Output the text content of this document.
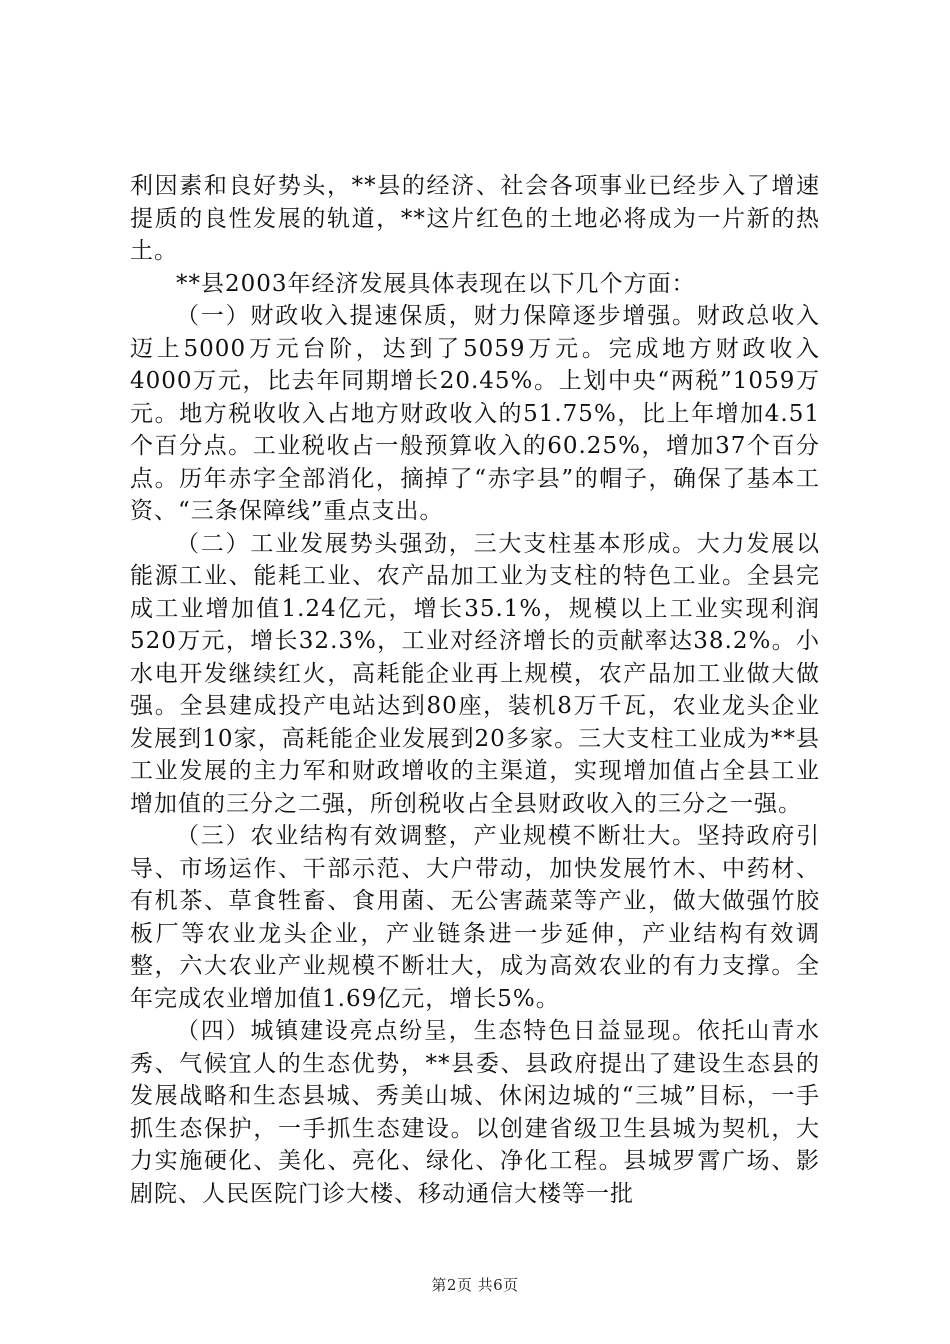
利因素和良好势头，**县的经济、社会各项事业已经步入了增速提质的良性发展的轨道，**这片红色的土地必将成为一片新的热土。

**县2003年经济发展具体表现在以下几个方面：

（一）财政收入提速保质，财力保障逐步增强。财政总收入迈上5000万元台阶，达到了5059万元。完成地方财政收入4000万元，比去年同期增长20.45%。上划中央“两税”1059万元。地方税收收入占地方财政收入的51.75%，比上年增加4.51个百分点。工业税收占一般预算收入的60.25%，增加37个百分点。历年赤字全部消化，摘掉了“赤字县”的帽子，确保了基本工资、“三条保障线”重点支出。

（二）工业发展势头强劲，三大支柱基本形成。大力发展以能源工业、能耗工业、农产品加工业为支柱的特色工业。全县完成工业增加值1.24亿元，增长35.1%，规模以上工业实现利润520万元，增长32.3%，工业对经济增长的贡献率达38.2%。小水电开发继续红火，高耗能企业再上规模，农产品加工业做大做强。全县建成投产电站达到80座，装机8万千瓦，农业龙头企业发展到10家，高耗能企业发展到20多家。三大支柱工业成为**县工业发展的主力军和财政增收的主渠道，实现增加值占全县工业增加值的三分之二强，所创税收占全县财政收入的三分之一强。

（三）农业结构有效调整，产业规模不断壮大。坚持政府引导、市场运作、干部示范、大户带动，加快发展竹木、中药材、有机茶、草食牲畜、食用菌、无公害蔬菜等产业，做大做强竹胶板厂等农业龙头企业，产业链条进一步延伸，产业结构有效调整，六大农业产业规模不断壮大，成为高效农业的有力支撑。全年完成农业增加值1.69亿元，增长5%。

（四）城镇建设亮点纷呈，生态特色日益显现。依托山青水秀、气候宜人的生态优势，**县委、县政府提出了建设生态县的发展战略和生态县城、秀美山城、休闲边城的“三城”目标，一手抓生态保护，一手抓生态建设。以创建省级卫生县城为契机，大力实施硬化、美化、亮化、绿化、净化工程。县城罗霄广场、影剧院、人民医院门诊大楼、移动通信大楼等一批

第2页 共6页
